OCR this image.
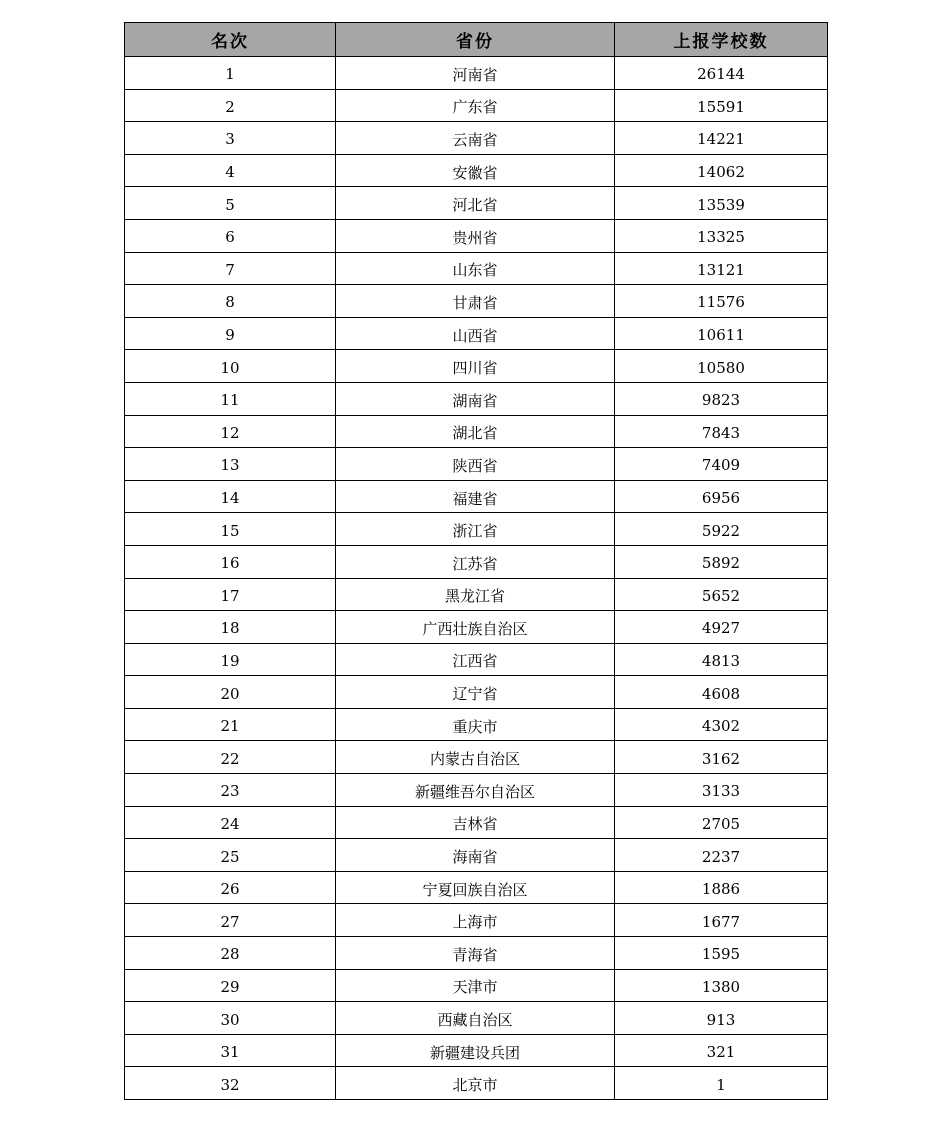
名次	省份	上报学校数
1	河南省	26144
2	广东省	15591
3	云南省	14221
4	安徽省	14062
5	河北省	13539
6	贵州省	13325
7	山东省	13121
8	甘肃省	11576
9	山西省	10611
10	四川省	10580
11	湖南省	9823
12	湖北省	7843
13	陕西省	7409
14	福建省	6956
15	浙江省	5922
16	江苏省	5892
17	黑龙江省	5652
18	广西壮族自治区	4927
19	江西省	4813
20	辽宁省	4608
21	重庆市	4302
22	内蒙古自治区	3162
23	新疆维吾尔自治区	3133
24	吉林省	2705
25	海南省	2237
26	宁夏回族自治区	1886
27	上海市	1677
28	青海省	1595
29	天津市	1380
30	西藏自治区	913
31	新疆建设兵团	321
32	北京市	1
